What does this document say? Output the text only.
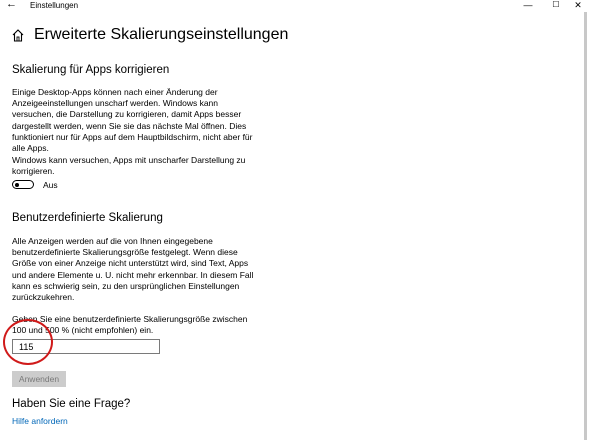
← Einstellungen	—	☐	✕
Erweiterte Skalierungseinstellungen
Skalierung für Apps korrigieren

Einige Desktop-Apps können nach einer Änderung der Anzeigeeinstellungen unscharf werden. Windows kann versuchen, die Darstellung zu korrigieren, damit Apps besser dargestellt werden, wenn Sie sie das nächste Mal öffnen. Dies funktioniert nur für Apps auf dem Hauptbildschirm, nicht aber für alle Apps.

Windows kann versuchen, Apps mit unscharfer Darstellung zu korrigieren.

Aus
Benutzerdefinierte Skalierung

Alle Anzeigen werden auf die von Ihnen eingegebene benutzerdefinierte Skalierungsgröße festgelegt. Wenn diese Größe von einer Anzeige nicht unterstützt wird, sind Text, Apps und andere Elemente u. U. nicht mehr erkennbar. In diesem Fall kann es schwierig sein, zu den ursprünglichen Einstellungen zurückzukehren.

Geben Sie eine benutzerdefinierte Skalierungsgröße zwischen 100 und 500 % (nicht empfohlen) ein.

115
Anwenden
Haben Sie eine Frage?
Hilfe anfordern
